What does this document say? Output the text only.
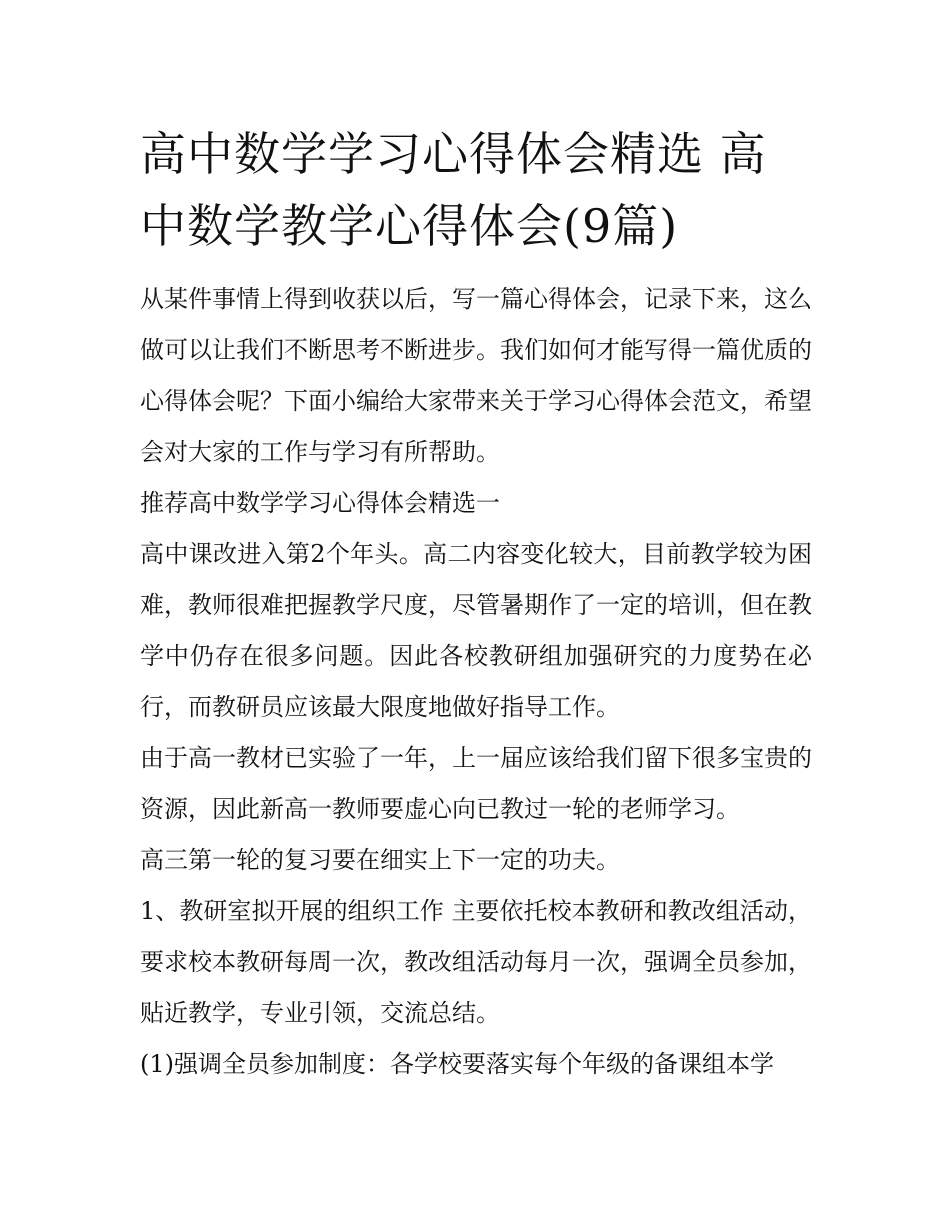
高中数学学习心得体会精选 高中数学教学心得体会(9篇)

从某件事情上得到收获以后，写一篇心得体会，记录下来，这么做可以让我们不断思考不断进步。我们如何才能写得一篇优质的心得体会呢？下面小编给大家带来关于学习心得体会范文，希望会对大家的工作与学习有所帮助。

推荐高中数学学习心得体会精选一

高中课改进入第2个年头。高二内容变化较大，目前教学较为困难，教师很难把握教学尺度，尽管暑期作了一定的培训，但在教学中仍存在很多问题。因此各校教研组加强研究的力度势在必行，而教研员应该最大限度地做好指导工作。

由于高一教材已实验了一年，上一届应该给我们留下很多宝贵的资源，因此新高一教师要虚心向已教过一轮的老师学习。

高三第一轮的复习要在细实上下一定的功夫。

1、教研室拟开展的组织工作 主要依托校本教研和教改组活动，要求校本教研每周一次，教改组活动每月一次，强调全员参加，贴近教学，专业引领，交流总结。

(1)强调全员参加制度：各学校要落实每个年级的备课组本学
